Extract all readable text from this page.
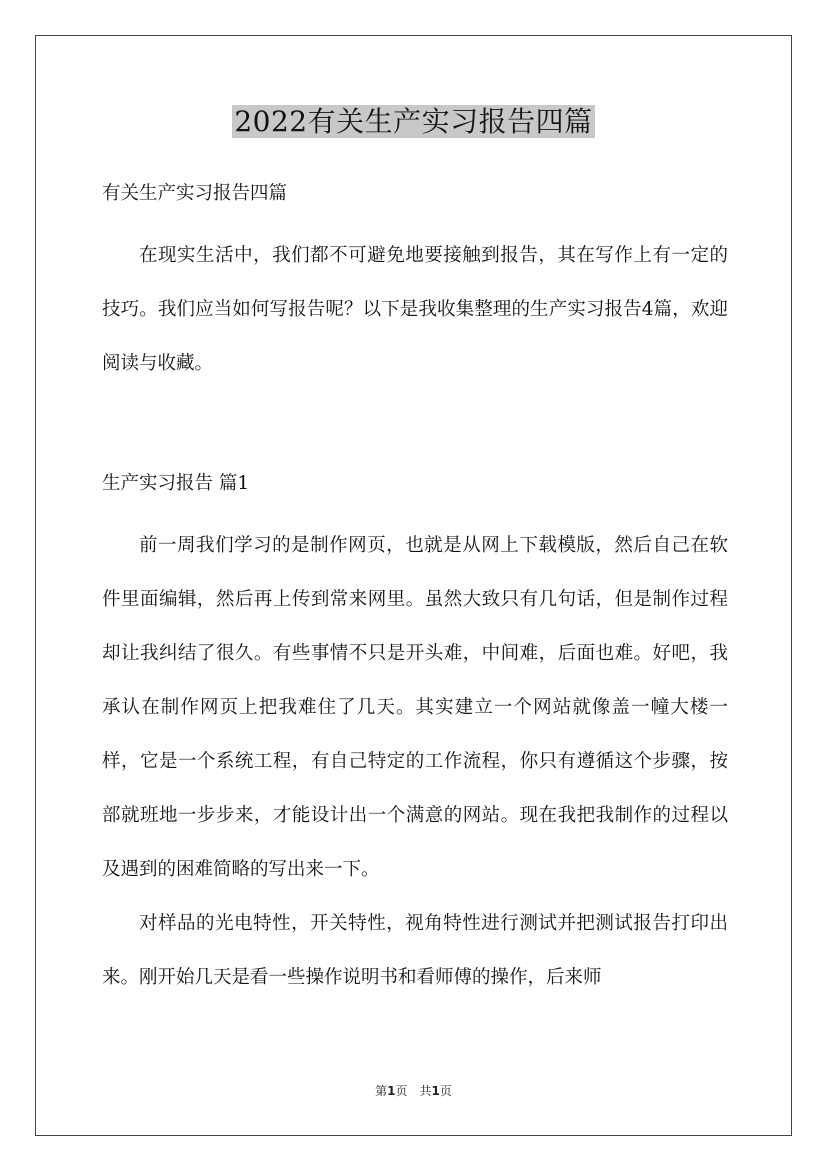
2022有关生产实习报告四篇

有关生产实习报告四篇

在现实生活中，我们都不可避免地要接触到报告，其在写作上有一定的技巧。我们应当如何写报告呢？以下是我收集整理的生产实习报告4篇，欢迎阅读与收藏。

生产实习报告 篇1

前一周我们学习的是制作网页，也就是从网上下载模版，然后自己在软件里面编辑，然后再上传到常来网里。虽然大致只有几句话，但是制作过程却让我纠结了很久。有些事情不只是开头难，中间难，后面也难。好吧，我承认在制作网页上把我难住了几天。其实建立一个网站就像盖一幢大楼一样，它是一个系统工程，有自己特定的工作流程，你只有遵循这个步骤，按部就班地一步步来，才能设计出一个满意的网站。现在我把我制作的过程以及遇到的困难简略的写出来一下。

对样品的光电特性，开关特性，视角特性进行测试并把测试报告打印出来。刚开始几天是看一些操作说明书和看师傅的操作，后来师

第1页　共1页
